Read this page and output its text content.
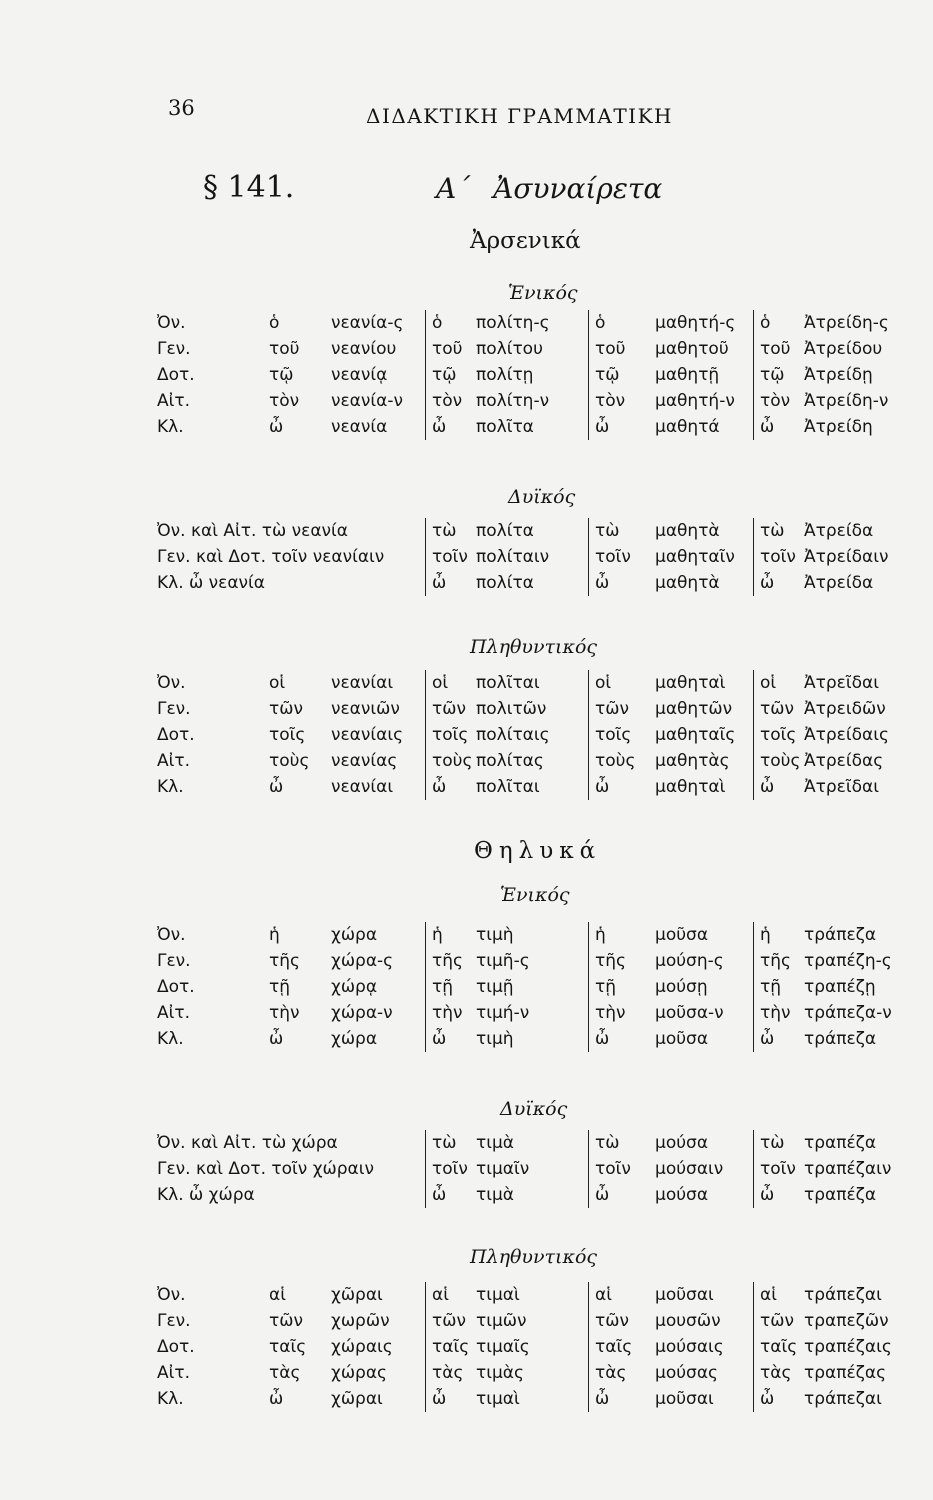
36	ΔΙΔΑΚΤΙΚΗ ΓΡΑΜΜΑΤΙΚΗ
§ 141.	Α΄ Ἀσυναίρετα
Ἀρσενικά
Ἑνικός
Ὀν.	ὁ	νεανία-ς	ὁ	πολίτη-ς	ὁ	μαθητή-ς	ὁ	Ἀτρείδη-ς
Γεν.	τοῦ	νεανίου	τοῦ	πολίτου	τοῦ	μαθητοῦ	τοῦ	Ἀτρείδου
Δοτ.	τῷ	νεανίᾳ	τῷ	πολίτῃ	τῷ	μαθητῇ	τῷ	Ἀτρείδῃ
Αἰτ.	τὸν	νεανία-ν	τὸν	πολίτη-ν	τὸν	μαθητή-ν	τὸν	Ἀτρείδη-ν
Κλ.	ὦ	νεανία	ὦ	πολῖτα	ὦ	μαθητά	ὦ	Ἀτρείδη
Δυϊκός
Ὀν. καὶ Αἰτ. τὼ νεανία	τὼ	πολίτα	τὼ	μαθητὰ	τὼ	Ἀτρείδα
Γεν. καὶ Δοτ. τοῖν νεανίαιν	τοῖν	πολίταιν	τοῖν	μαθηταῖν	τοῖν	Ἀτρείδαιν
Κλ. ὦ νεανία	ὦ	πολίτα	ὦ	μαθητὰ	ὦ	Ἀτρείδα
Πληθυντικός
Ὀν.	οἱ	νεανίαι	οἱ	πολῖται	οἱ	μαθηταὶ	οἱ	Ἀτρεῖδαι
Γεν.	τῶν	νεανιῶν	τῶν	πολιτῶν	τῶν	μαθητῶν	τῶν	Ἀτρειδῶν
Δοτ.	τοῖς	νεανίαις	τοῖς	πολίταις	τοῖς	μαθηταῖς	τοῖς	Ἀτρείδαις
Αἰτ.	τοὺς	νεανίας	τοὺς	πολίτας	τοὺς	μαθητὰς	τοὺς	Ἀτρείδας
Κλ.	ὦ	νεανίαι	ὦ	πολῖται	ὦ	μαθηταὶ	ὦ	Ἀτρεῖδαι
Θηλυκά
Ἑνικός
Ὀν.	ἡ	χώρα	ἡ	τιμὴ	ἡ	μοῦσα	ἡ	τράπεζα
Γεν.	τῆς	χώρα-ς	τῆς	τιμῆ-ς	τῆς	μούση-ς	τῆς	τραπέζη-ς
Δοτ.	τῇ	χώρᾳ	τῇ	τιμῇ	τῇ	μούσῃ	τῇ	τραπέζῃ
Αἰτ.	τὴν	χώρα-ν	τὴν	τιμή-ν	τὴν	μοῦσα-ν	τὴν	τράπεζα-ν
Κλ.	ὦ	χώρα	ὦ	τιμὴ	ὦ	μοῦσα	ὦ	τράπεζα
Δυϊκός
Ὀν. καὶ Αἰτ. τὼ χώρα	τὼ	τιμὰ	τὼ	μούσα	τὼ	τραπέζα
Γεν. καὶ Δοτ. τοῖν χώραιν	τοῖν	τιμαῖν	τοῖν	μούσαιν	τοῖν	τραπέζαιν
Κλ. ὦ χώρα	ὦ	τιμὰ	ὦ	μούσα	ὦ	τραπέζα
Πληθυντικός
Ὀν.	αἱ	χῶραι	αἱ	τιμαὶ	αἱ	μοῦσαι	αἱ	τράπεζαι
Γεν.	τῶν	χωρῶν	τῶν	τιμῶν	τῶν	μουσῶν	τῶν	τραπεζῶν
Δοτ.	ταῖς	χώραις	ταῖς	τιμαῖς	ταῖς	μούσαις	ταῖς	τραπέζαις
Αἰτ.	τὰς	χώρας	τὰς	τιμὰς	τὰς	μούσας	τὰς	τραπέζας
Κλ.	ὦ	χῶραι	ὦ	τιμαὶ	ὦ	μοῦσαι	ὦ	τράπεζαι
